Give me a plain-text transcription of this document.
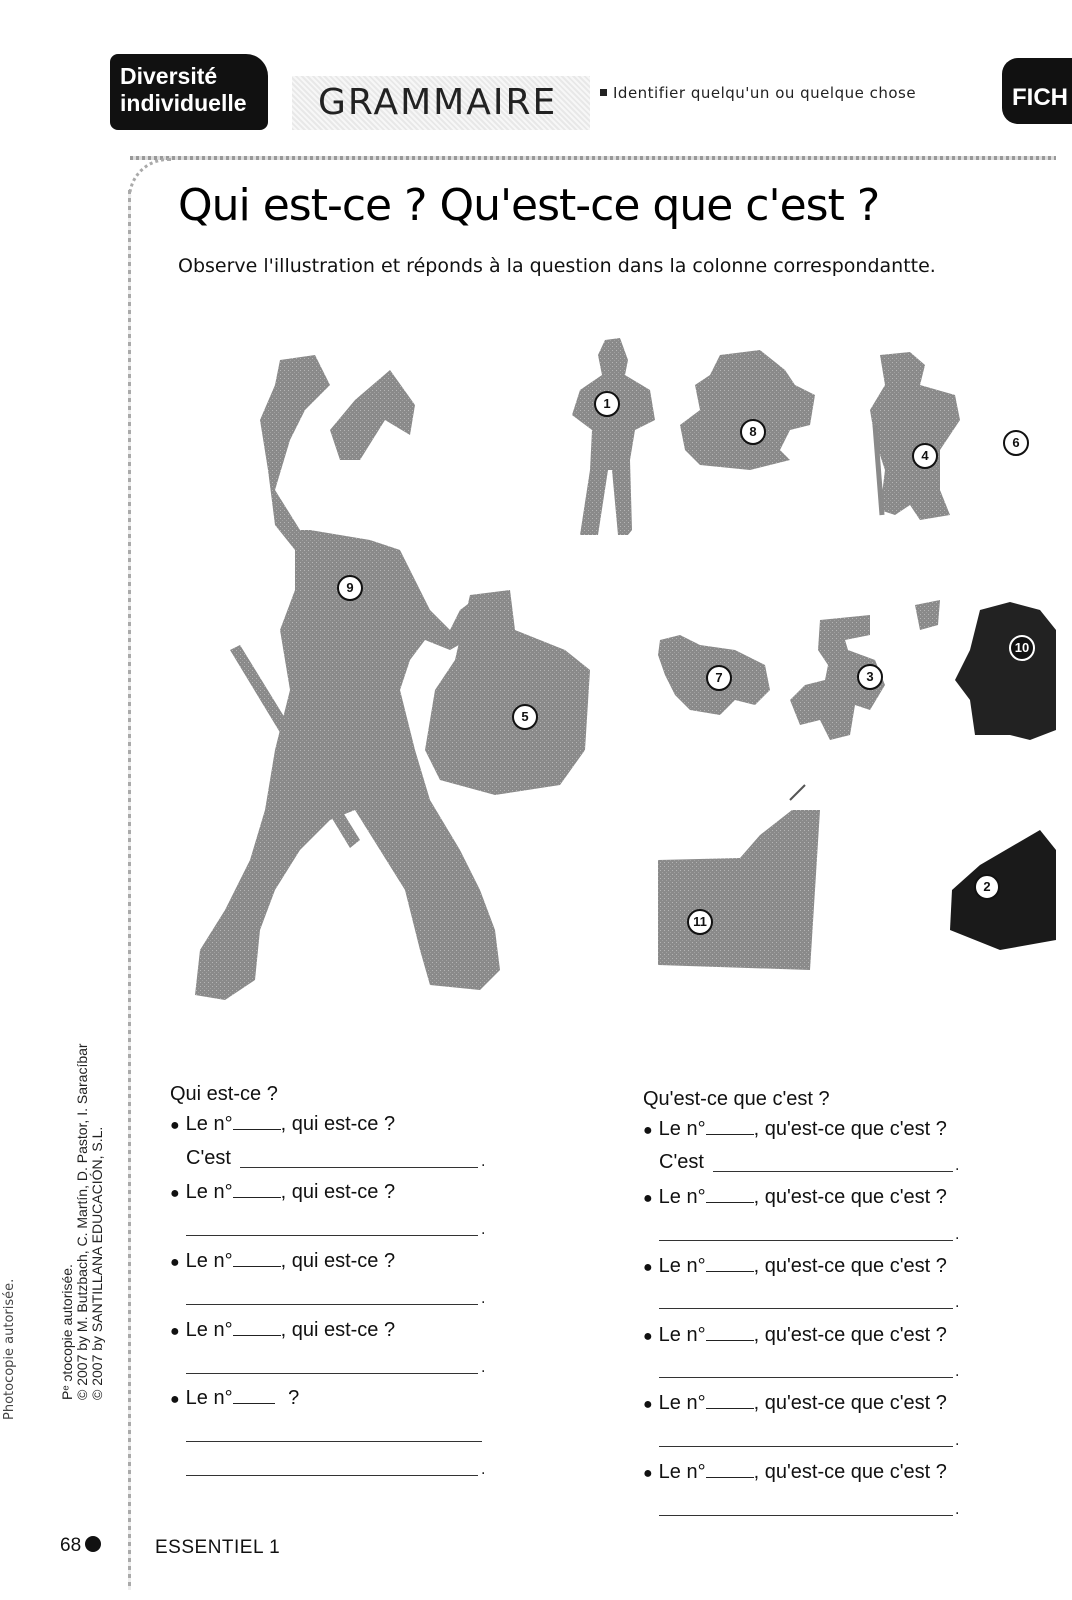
Diversité
individuelle	GRAMMAIRE	Identifier quelqu'un ou quelque chose	FICH
Qui est-ce ? Qu'est-ce que c'est ?
Observe l'illustration et réponds à la question dans la colonne correspondantte.
1
2
3
4
5
6
7
8
9
10
11
Qui est-ce ?
● Le n° , qui est-ce ?
C'est	.
● Le n° , qui est-ce ?
.
● Le n° , qui est-ce ?
.
● Le n° , qui est-ce ?
.
● Le n°	?
.
Qu'est-ce que c'est ?
● Le n° , qu'est-ce que c'est ?
C'est	.
● Le n° , qu'est-ce que c'est ?
.
● Le n° , qu'est-ce que c'est ?
.
● Le n° , qu'est-ce que c'est ?
.
● Le n° , qu'est-ce que c'est ?
.
● Le n° , qu'est-ce que c'est ?
.
Pᵉ ɔtocopie autorisée. © 2007 by M. Butzbach, C. Martín, D. Pastor, I. Saracíbar © 2007 by SANTILLANA EDUCACIÓN, S.L.
Photocopie autorisée.
68	ESSENTIEL 1
